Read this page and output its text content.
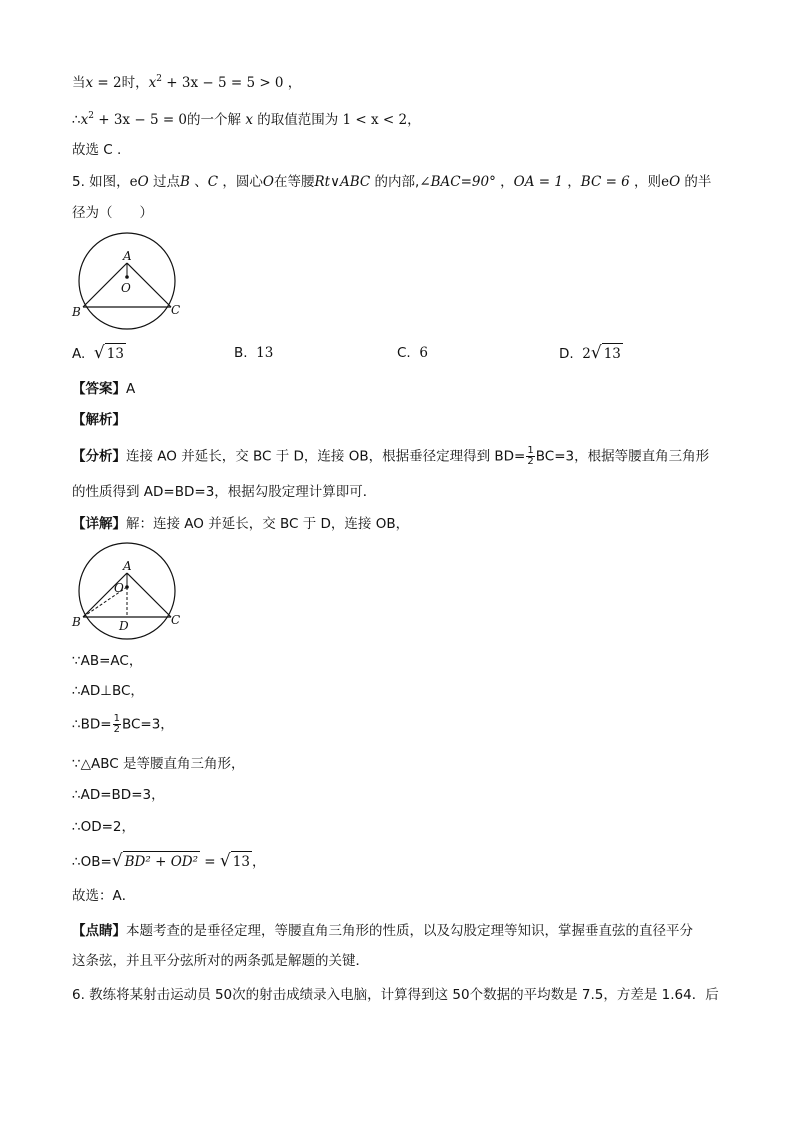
当x = 2时，$x^2 + 3x - 5 = 5 > 0$ ，
$\therefore x^2 + 3x - 5 = 0$的一个解 x 的取值范围为 1 < x < 2，
故选 C .
5. 如图，eO 过点B 、C ，圆心O在等腰Rt∨ABC 的内部,∠BAC=90° ，OA = 1 ，BC = 6 ，则eO 的半
径为（　　）
A
O
B	C
A. √ 13	B. 13	C. 6	D. 2√ 13
【答案】A
【解析】
【分析】连接 AO 并延长，交 BC 于 D，连接 OB，根据垂径定理得到 $BD= \frac{1}{2} BC=3$，根据等腰直角三角形
的性质得到 AD=BD=3，根据勾股定理计算即可．
【详解】解：连接 AO 并延长，交 BC 于 D，连接 OB，
A
O
B	C
D
∵AB=AC，
∴AD⊥BC，
∴BD= $\frac{1}{2} BC=3$，
∵△ABC 是等腰直角三角形，
∴AD=BD=3，
∴OD=2，
∴OB=√ BD² + OD² = √ 13 ，
故选：A．
【点睛】本题考查的是垂径定理，等腰直角三角形的性质，以及勾股定理等知识，掌握垂直弦的直径平分
这条弦，并且平分弦所对的两条弧是解题的关键．
6. 教练将某射击运动员 50次的射击成绩录入电脑，计算得到这 50个数据的平均数是 7.5，方差是 1.64．后
